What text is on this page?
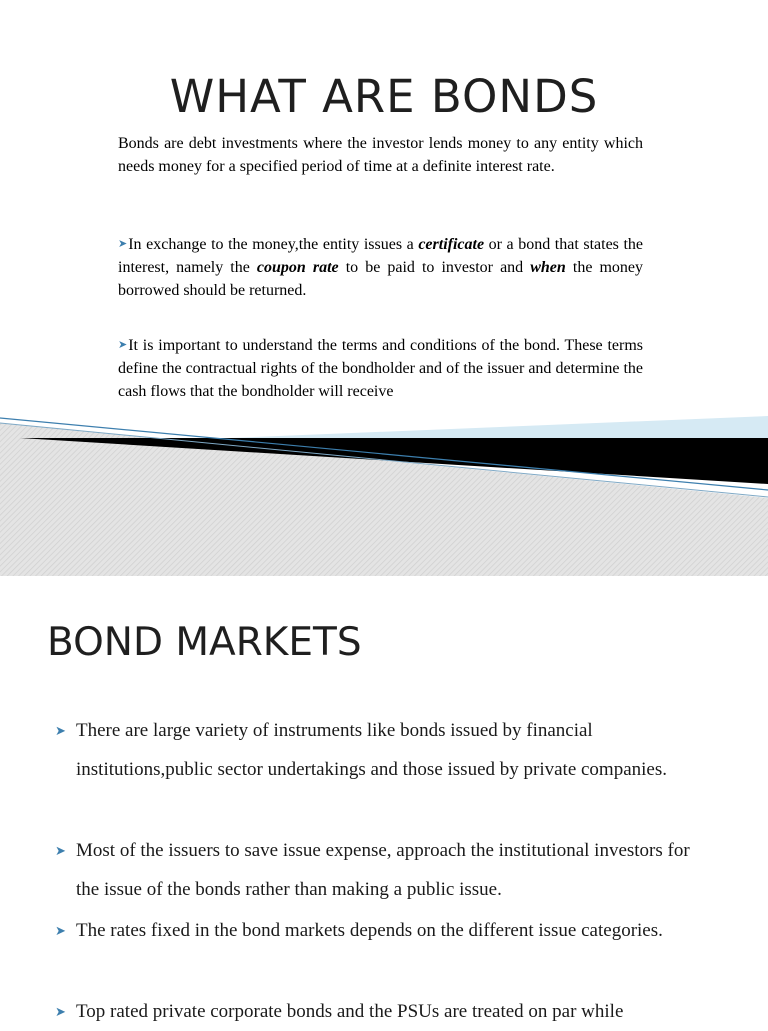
WHAT ARE BONDS

Bonds are debt investments where the investor lends money to any entity which needs money for a specified period of time at a definite interest rate.

➤In exchange to the money,the entity issues a certificate or a bond that states the interest, namely the coupon rate to be paid to investor and when the money borrowed should be returned.

➤It is important to understand the terms and conditions of the bond. These terms define the contractual rights of the bondholder and of the issuer and determine the cash flows that the bondholder will receive

BOND MARKETS
➤ There are large variety of instruments like bonds issued by financial institutions,public sector undertakings and those issued by private companies.

➤ Most of the issuers to save issue expense, approach the institutional investors for the issue of the bonds rather than making a public issue.

➤ The rates fixed in the bond markets depends on the different issue categories.

➤ Top rated private corporate bonds and the PSUs are treated on par while
